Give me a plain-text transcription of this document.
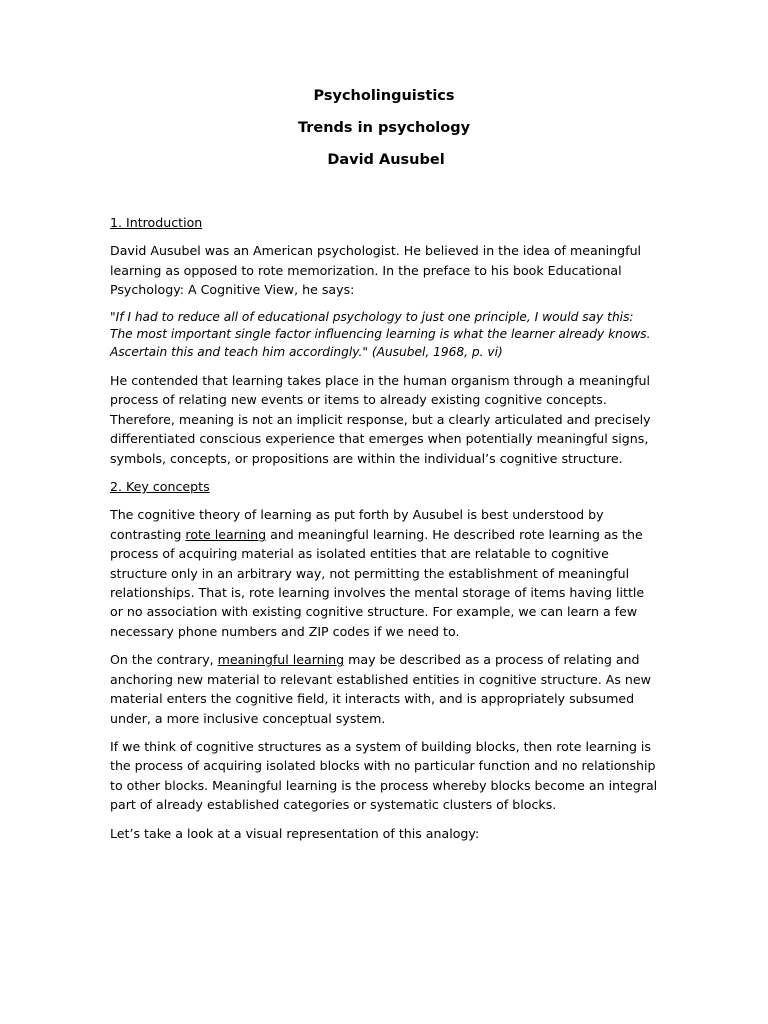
Psycholinguistics
Trends in psychology
David Ausubel

1. Introduction

David Ausubel was an American psychologist. He believed in the idea of meaningful learning as opposed to rote memorization. In the preface to his book Educational Psychology: A Cognitive View, he says:

"If I had to reduce all of educational psychology to just one principle, I would say this: The most important single factor influencing learning is what the learner already knows. Ascertain this and teach him accordingly." (Ausubel, 1968, p. vi)

He contended that learning takes place in the human organism through a meaningful process of relating new events or items to already existing cognitive concepts. Therefore, meaning is not an implicit response, but a clearly articulated and precisely differentiated conscious experience that emerges when potentially meaningful signs, symbols, concepts, or propositions are within the individual’s cognitive structure.

2. Key concepts

The cognitive theory of learning as put forth by Ausubel is best understood by contrasting rote learning and meaningful learning. He described rote learning as the process of acquiring material as isolated entities that are relatable to cognitive structure only in an arbitrary way, not permitting the establishment of meaningful relationships. That is, rote learning involves the mental storage of items having little or no association with existing cognitive structure. For example, we can learn a few necessary phone numbers and ZIP codes if we need to.

On the contrary, meaningful learning may be described as a process of relating and anchoring new material to relevant established entities in cognitive structure. As new material enters the cognitive field, it interacts with, and is appropriately subsumed under, a more inclusive conceptual system.

If we think of cognitive structures as a system of building blocks, then rote learning is the process of acquiring isolated blocks with no particular function and no relationship to other blocks. Meaningful learning is the process whereby blocks become an integral part of already established categories or systematic clusters of blocks.

Let’s take a look at a visual representation of this analogy:
